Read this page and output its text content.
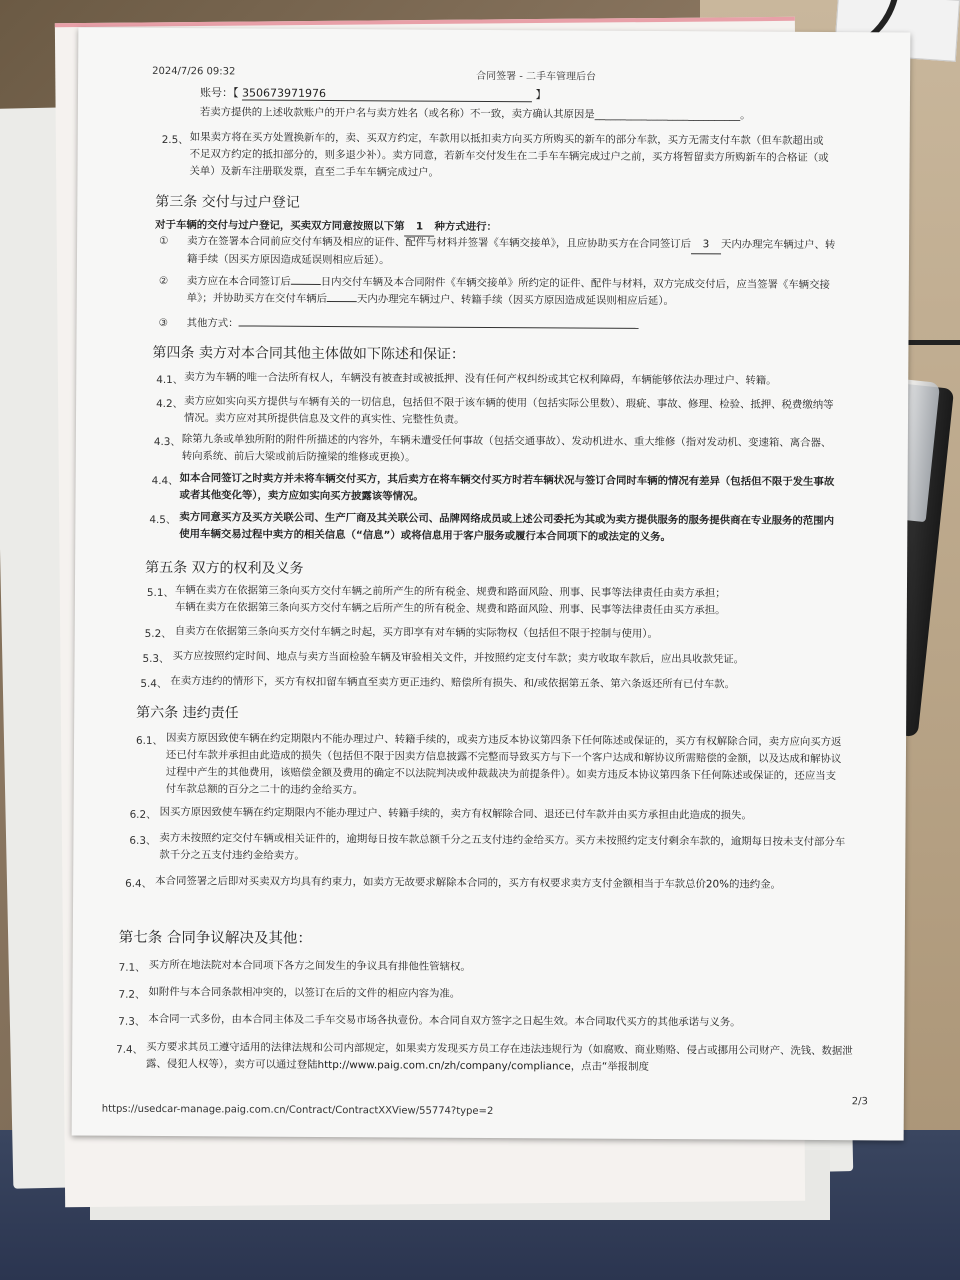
2024/7/26 09:32	合同签署 - 二手车管理后台
账号：【 350673971976	】
若卖方提供的上述收款账户的开户名与卖方姓名（或名称）不一致，卖方确认其原因是____________________________。
2.5、 如果卖方将在买方处置换新车的，卖、买双方约定，车款用以抵扣卖方向买方所购买的新车的部分车款，买方无需支付车款（但车款超出或不足双方约定的抵扣部分的，则多退少补）。卖方同意，若新车交付发生在二手车车辆完成过户之前，买方将暂留卖方所购新车的合格证（或关单）及新车注册联发票，直至二手车车辆完成过户。
第三条 交付与过户登记
对于车辆的交付与过户登记，买卖双方同意按照以下第 1 种方式进行：
① 卖方在签署本合同前应交付车辆及相应的证件、配件与材料并签署《车辆交接单》，且应协助买方在合同签订后 3 天内办理完车辆过户、转籍手续（因买方原因造成延误则相应后延）。
② 卖方应在本合同签订后	日内交付车辆及本合同附件《车辆交接单》所约定的证件、配件与材料，双方完成交付后，应当签署《车辆交接单》；并协助买方在交付车辆后	天内办理完车辆过户、转籍手续（因买方原因造成延误则相应后延）。
③ 其他方式：
第四条 卖方对本合同其他主体做如下陈述和保证：
4.1、 卖方为车辆的唯一合法所有权人，车辆没有被查封或被抵押、没有任何产权纠纷或其它权利障碍，车辆能够依法办理过户、转籍。
4.2、 卖方应如实向买方提供与车辆有关的一切信息，包括但不限于该车辆的使用（包括实际公里数）、瑕疵、事故、修理、检验、抵押、税费缴纳等情况。卖方应对其所提供信息及文件的真实性、完整性负责。
4.3、 除第九条或单独所附的附件所描述的内容外，车辆未遭受任何事故（包括交通事故）、发动机进水、重大维修（指对发动机、变速箱、离合器、转向系统、前后大梁或前后防撞梁的维修或更换）。
4.4、 如本合同签订之时卖方并未将车辆交付买方，其后卖方在将车辆交付买方时若车辆状况与签订合同时车辆的情况有差异（包括但不限于发生事故或者其他变化等），卖方应如实向买方披露该等情况。
4.5、 卖方同意买方及买方关联公司、生产厂商及其关联公司、品牌网络成员或上述公司委托为其或为卖方提供服务的服务提供商在专业服务的范围内使用车辆交易过程中卖方的相关信息（“信息”）或将信息用于客户服务或履行本合同项下的或法定的义务。
第五条 双方的权利及义务
5.1、 车辆在卖方在依据第三条向买方交付车辆之前所产生的所有税金、规费和路面风险、刑事、民事等法律责任由卖方承担；
车辆在卖方在依据第三条向买方交付车辆之后所产生的所有税金、规费和路面风险、刑事、民事等法律责任由买方承担。
5.2、 自卖方在依据第三条向买方交付车辆之时起，买方即享有对车辆的实际物权（包括但不限于控制与使用）。
5.3、 买方应按照约定时间、地点与卖方当面检验车辆及审验相关文件，并按照约定支付车款；卖方收取车款后，应出具收款凭证。
5.4、 在卖方违约的情形下，买方有权扣留车辆直至卖方更正违约、赔偿所有损失、和/或依据第五条、第六条返还所有已付车款。
第六条 违约责任
6.1、 因卖方原因致使车辆在约定期限内不能办理过户、转籍手续的，或卖方违反本协议第四条下任何陈述或保证的，买方有权解除合同，卖方应向买方返还已付车款并承担由此造成的损失（包括但不限于因卖方信息披露不完整而导致买方与下一个客户达成和解协议所需赔偿的金额，以及达成和解协议过程中产生的其他费用，该赔偿金额及费用的确定不以法院判决或仲裁裁决为前提条件）。如卖方违反本协议第四条下任何陈述或保证的，还应当支付车款总额的百分之二十的违约金给买方。
6.2、 因买方原因致使车辆在约定期限内不能办理过户、转籍手续的，卖方有权解除合同、退还已付车款并由买方承担由此造成的损失。
6.3、 卖方未按照约定交付车辆或相关证件的，逾期每日按车款总额千分之五支付违约金给买方。买方未按照约定支付剩余车款的，逾期每日按未支付部分车款千分之五支付违约金给卖方。
6.4、 本合同签署之后即对买卖双方均具有约束力，如卖方无故要求解除本合同的，买方有权要求卖方支付金额相当于车款总价20%的违约金。
第七条 合同争议解决及其他：
7.1、 买方所在地法院对本合同项下各方之间发生的争议具有排他性管辖权。
7.2、 如附件与本合同条款相冲突的，以签订在后的文件的相应内容为准。
7.3、 本合同一式多份，由本合同主体及二手车交易市场各执壹份。本合同自双方签字之日起生效。本合同取代买方的其他承诺与义务。
7.4、 买方要求其员工遵守适用的法律法规和公司内部规定，如果卖方发现买方员工存在违法违规行为（如腐败、商业贿赂、侵占或挪用公司财产、洗钱、数据泄露、侵犯人权等），卖方可以通过登陆http://www.paig.com.cn/zh/company/compliance，点击“举报制度
https://usedcar-manage.paig.com.cn/Contract/ContractXXView/55774?type=2
2/3
